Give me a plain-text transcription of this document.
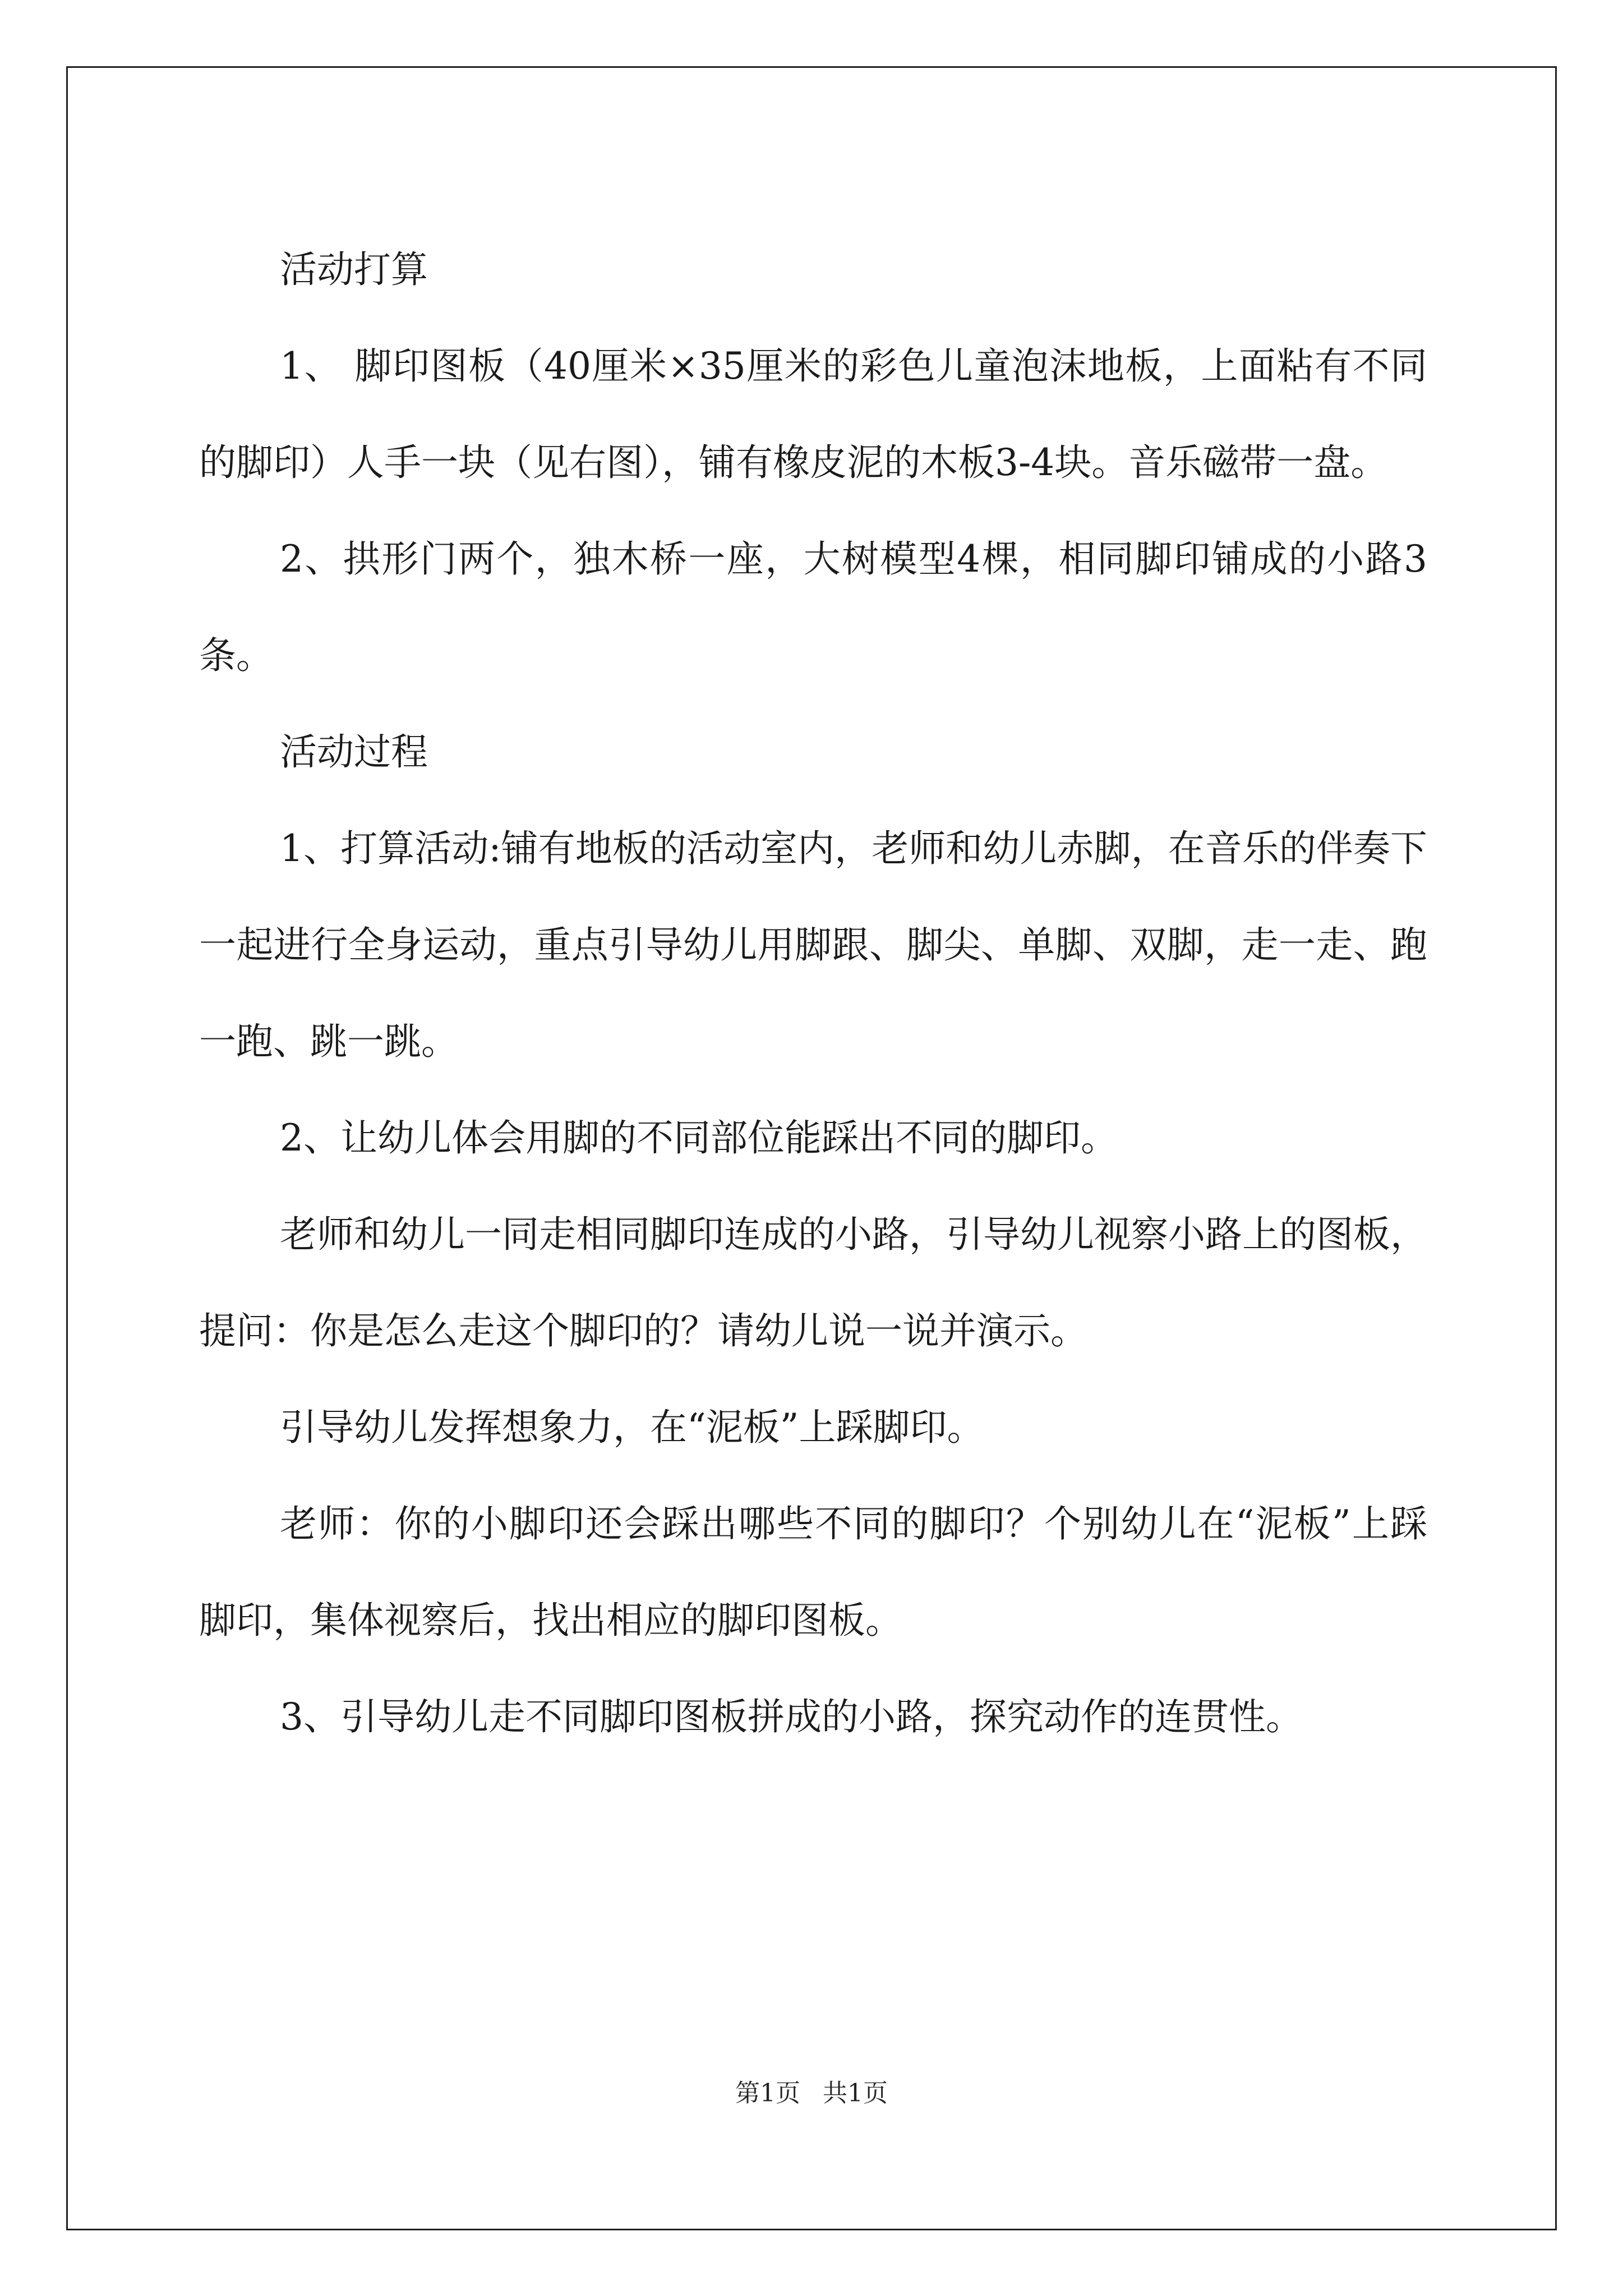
活动打算

1、 脚印图板（40厘米×35厘米的彩色儿童泡沫地板，上面粘有不同的脚印）人手一块（见右图），铺有橡皮泥的木板3-4块。音乐磁带一盘。

2、拱形门两个，独木桥一座，大树模型4棵，相同脚印铺成的小路3条。

活动过程

1、打算活动:铺有地板的活动室内，老师和幼儿赤脚，在音乐的伴奏下一起进行全身运动，重点引导幼儿用脚跟、脚尖、单脚、双脚，走一走、跑一跑、跳一跳。

2、让幼儿体会用脚的不同部位能踩出不同的脚印。

老师和幼儿一同走相同脚印连成的小路，引导幼儿视察小路上的图板，提问：你是怎么走这个脚印的？请幼儿说一说并演示。

引导幼儿发挥想象力，在“泥板”上踩脚印。

老师：你的小脚印还会踩出哪些不同的脚印？个别幼儿在“泥板”上踩脚印，集体视察后，找出相应的脚印图板。

3、引导幼儿走不同脚印图板拼成的小路，探究动作的连贯性。

第1页 共1页
